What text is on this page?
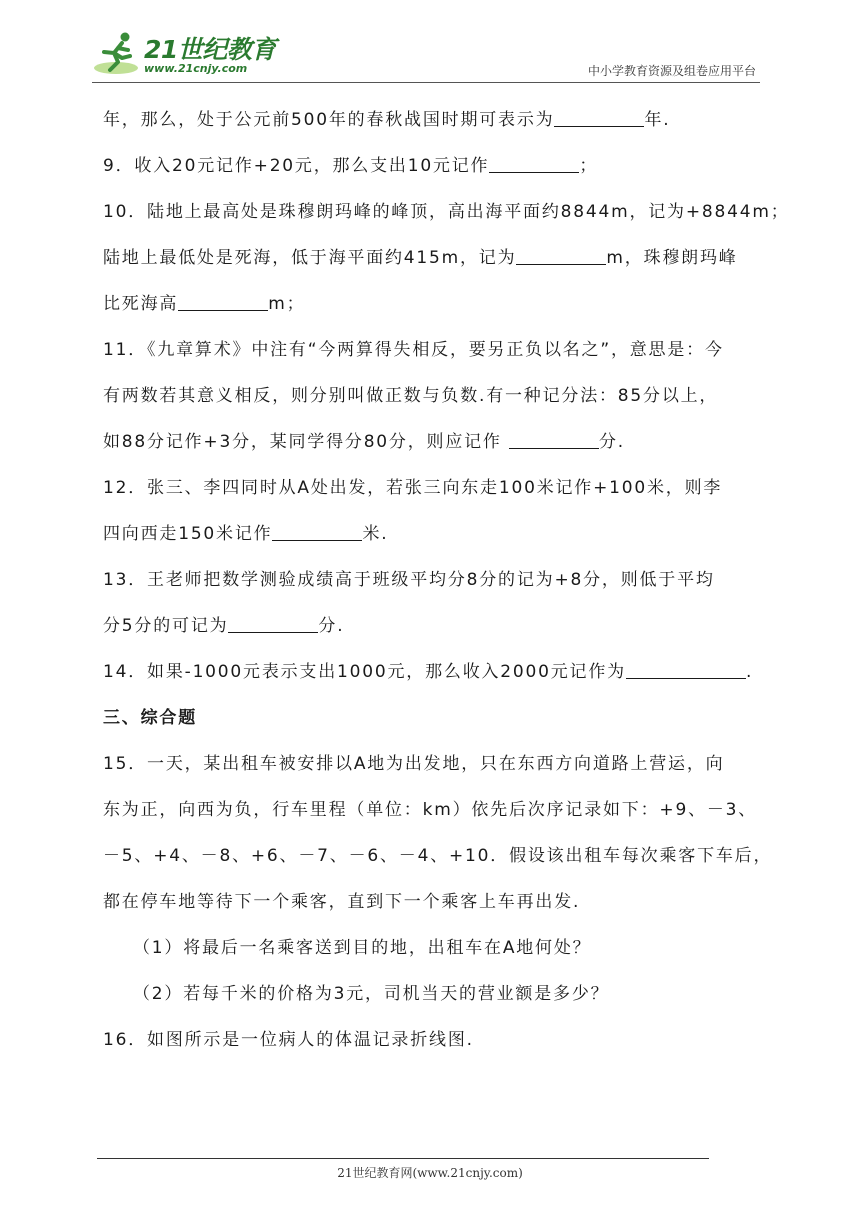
21世纪教育
www.21cnjy.com	中小学教育资源及组卷应用平台
年，那么，处于公元前500年的春秋战国时期可表示为	年.
9．收入20元记作+20元，那么支出10元记作	；
10．陆地上最高处是珠穆朗玛峰的峰顶，高出海平面约8844m，记为+8844m；
陆地上最低处是死海，低于海平面约415m，记为	m，珠穆朗玛峰
比死海高	m；
11．《九章算术》中注有“今两算得失相反，要另正负以名之”，意思是：今
有两数若其意义相反，则分别叫做正数与负数.有一种记分法：85分以上，
如88分记作+3分，某同学得分80分，则应记作	分.
12．张三、李四同时从A处出发，若张三向东走100米记作+100米，则李
四向西走150米记作	米.
13．王老师把数学测验成绩高于班级平均分8分的记为+8分，则低于平均
分5分的可记为	分.
14．如果-1000元表示支出1000元，那么收入2000元记作为	.
三、综合题
15．一天，某出租车被安排以A地为出发地，只在东西方向道路上营运，向
东为正，向西为负，行车里程（单位：km）依先后次序记录如下：+9、－3、
－5、+4、－8、+6、－7、－6、－4、+10．假设该出租车每次乘客下车后，
都在停车地等待下一个乘客，直到下一个乘客上车再出发.
（1）将最后一名乘客送到目的地，出租车在A地何处？
（2）若每千米的价格为3元，司机当天的营业额是多少？
16．如图所示是一位病人的体温记录折线图.
21世纪教育网(www.21cnjy.com)
